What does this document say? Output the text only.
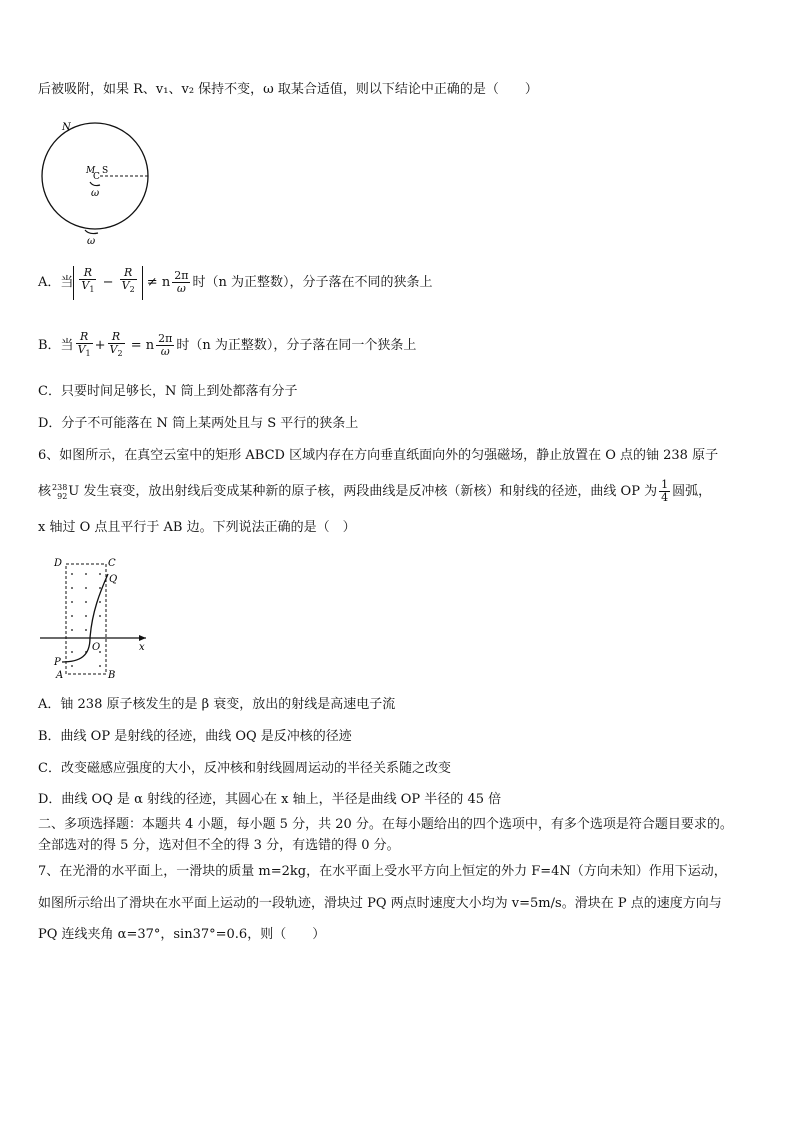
后被吸附，如果 R、v₁、v₂ 保持不变，ω 取某合适值，则以下结论中正确的是（　　）
N
M
C
S
ω
ω
A．当 $\frac{R}{V_1} - \frac{R}{V_2} \ne n \frac{2\pi}{\omega}$ 时（n 为正整数），分子落在不同的狭条上
B．当 $\frac{R}{V_1} + \frac{R}{V_2} = n \frac{2\pi}{\omega}$ 时（n 为正整数），分子落在同一个狭条上
C．只要时间足够长，N 筒上到处都落有分子
D．分子不可能落在 N 筒上某两处且与 S 平行的狭条上
6、如图所示，在真空云室中的矩形 ABCD 区域内存在方向垂直纸面向外的匀强磁场，静止放置在 O 点的铀 238 原子
核 238
92 U 发生衰变，放出射线后变成某种新的原子核，两段曲线是反冲核（新核）和射线的径迹，曲线 OP 为 $\frac{1}{4}$ 圆弧，
x 轴过 O 点且平行于 AB 边。下列说法正确的是（　）
D	C
Q
O	x
P
A	B
A．铀 238 原子核发生的是 β 衰变，放出的射线是高速电子流
B．曲线 OP 是射线的径迹，曲线 OQ 是反冲核的径迹
C．改变磁感应强度的大小，反冲核和射线圆周运动的半径关系随之改变
D．曲线 OQ 是 α 射线的径迹，其圆心在 x 轴上，半径是曲线 OP 半径的 45 倍
二、多项选择题：本题共 4 小题，每小题 5 分，共 20 分。在每小题给出的四个选项中，有多个选项是符合题目要求的。
全部选对的得 5 分，选对但不全的得 3 分，有选错的得 0 分。
7、在光滑的水平面上，一滑块的质量 m=2kg，在水平面上受水平方向上恒定的外力 F=4N（方向未知）作用下运动，
如图所示给出了滑块在水平面上运动的一段轨迹，滑块过 PQ 两点时速度大小均为 v=5m/s。滑块在 P 点的速度方向与
PQ 连线夹角 α=37°，sin37°=0.6，则（　　）
